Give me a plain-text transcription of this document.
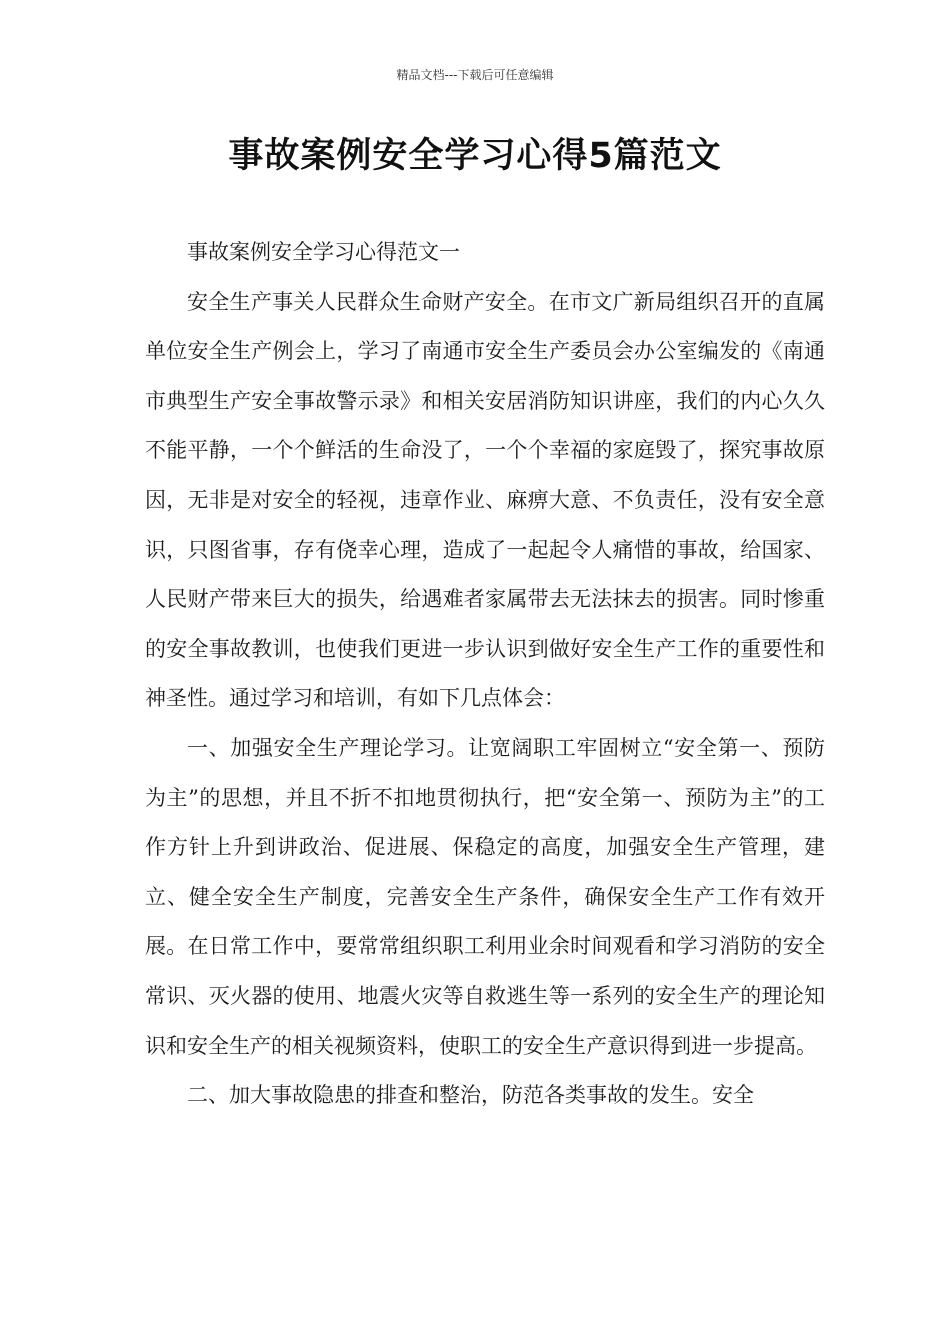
精品文档---下载后可任意编辑
事故案例安全学习心得5篇范文

事故案例安全学习心得范文一

安全生产事关人民群众生命财产安全。在市文广新局组织召开的直属单位安全生产例会上，学习了南通市安全生产委员会办公室编发的《南通市典型生产安全事故警示录》和相关安居消防知识讲座，我们的内心久久不能平静，一个个鲜活的生命没了，一个个幸福的家庭毁了，探究事故原因，无非是对安全的轻视，违章作业、麻痹大意、不负责任，没有安全意识，只图省事，存有侥幸心理，造成了一起起令人痛惜的事故，给国家、人民财产带来巨大的损失，给遇难者家属带去无法抹去的损害。同时惨重的安全事故教训，也使我们更进一步认识到做好安全生产工作的重要性和神圣性。通过学习和培训，有如下几点体会：

一、加强安全生产理论学习。让宽阔职工牢固树立“安全第一、预防为主”的思想，并且不折不扣地贯彻执行，把“安全第一、预防为主”的工作方针上升到讲政治、促进展、保稳定的高度，加强安全生产管理，建立、健全安全生产制度，完善安全生产条件，确保安全生产工作有效开展。在日常工作中，要常常组织职工利用业余时间观看和学习消防的安全常识、灭火器的使用、地震火灾等自救逃生等一系列的安全生产的理论知识和安全生产的相关视频资料，使职工的安全生产意识得到进一步提高。

二、加大事故隐患的排查和整治，防范各类事故的发生。安全
